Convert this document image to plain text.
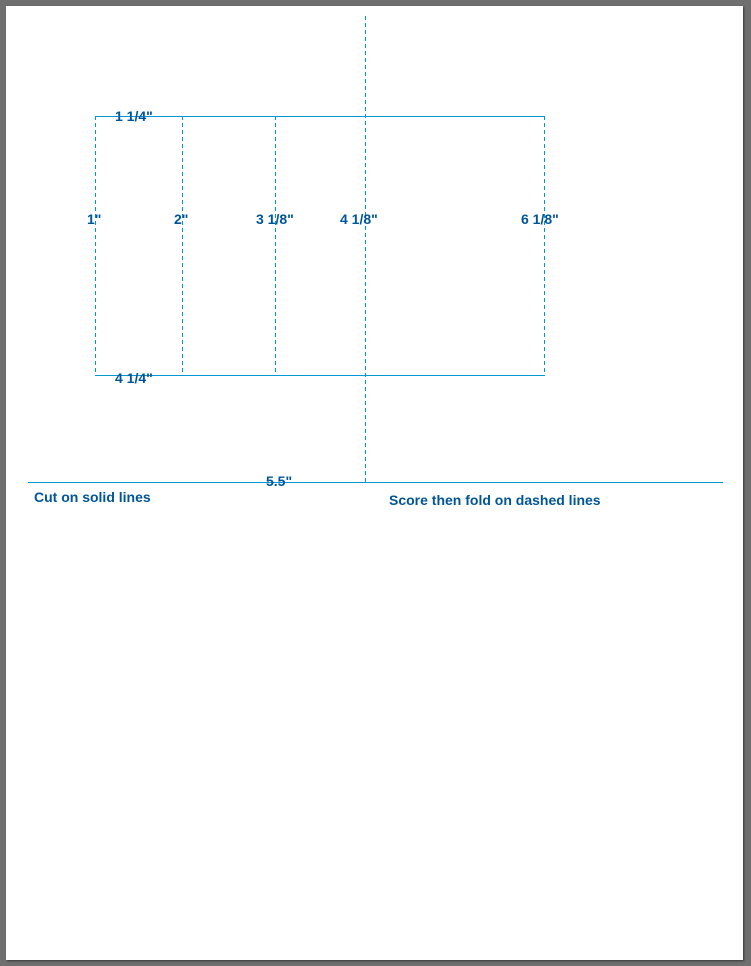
1 1/4"
1"	2"	3 1/8"	4 1/8"	6 1/8"
4 1/4"
5.5"
Cut on solid lines	Score then fold on dashed lines
